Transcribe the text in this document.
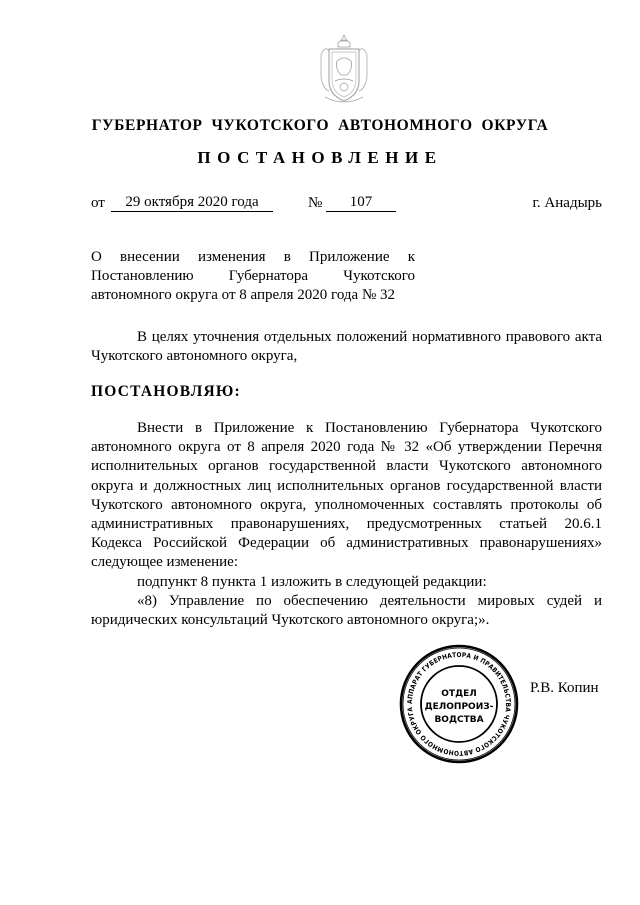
ГУБЕРНАТОР  ЧУКОТСКОГО  АВТОНОМНОГО  ОКРУГА
ПОСТАНОВЛЕНИЕ
от	29 октября 2020 года	№	107	г. Анадырь
О внесении изменения в Приложение к
Постановлению Губернатора Чукотского
автономного округа от 8 апреля 2020 года № 32
В целях уточнения отдельных положений нормативного правового акта
Чукотского автономного округа,
ПОСТАНОВЛЯЮ:
Внести в Приложение к Постановлению Губернатора Чукотского
автономного округа от 8 апреля 2020 года № 32 «Об утверждении Перечня
исполнительных органов государственной власти Чукотского автономного
округа и должностных лиц исполнительных органов государственной власти
Чукотского автономного округа, уполномоченных составлять протоколы об
административных правонарушениях, предусмотренных статьей 20.6.1
Кодекса Российской Федерации об административных правонарушениях»
следующее изменение:
подпункт 8 пункта 1 изложить в следующей редакции:
«8) Управление по обеспечению деятельности мировых судей и
юридических консультаций Чукотского автономного округа;».
АППАРАТ ГУБЕРНАТОРА И ПРАВИТЕЛЬСТВА ЧУКОТСКОГО АВТОНОМНОГО ОКРУГА
ОТДЕЛ
ДЕЛОПРОИЗ-
ВОДСТВА
Р.В. Копин
